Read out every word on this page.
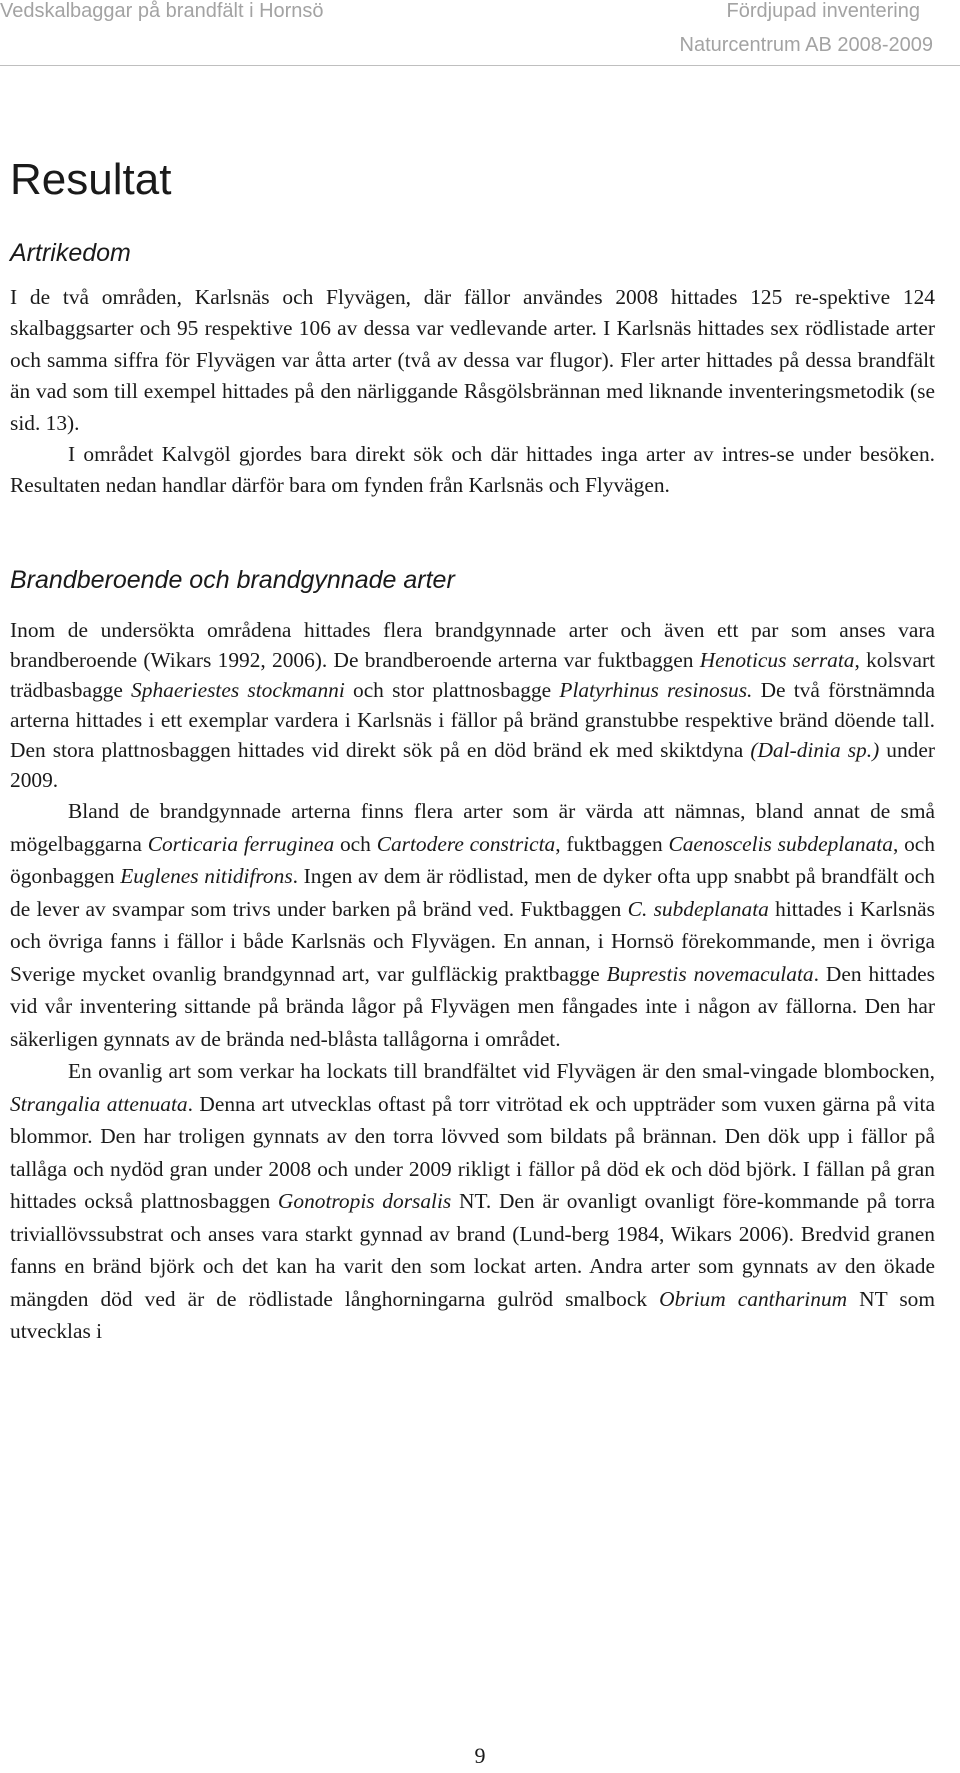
Vedskalbaggar på brandfält i Hornsö	Fördjupad inventering
Naturcentrum AB 2008-2009
Resultat
Artrikedom

I de två områden, Karlsnäs och Flyvägen, där fällor användes 2008 hittades 125 re-spektive 124 skalbaggsarter och 95 respektive 106 av dessa var vedlevande arter. I Karlsnäs hittades sex rödlistade arter och samma siffra för Flyvägen var åtta arter (två av dessa var flugor). Fler arter hittades på dessa brandfält än vad som till exempel hittades på den närliggande Råsgölsbrännan med liknande inventeringsmetodik (se sid. 13).

I området Kalvgöl gjordes bara direkt sök och där hittades inga arter av intres-se under besöken. Resultaten nedan handlar därför bara om fynden från Karlsnäs och Flyvägen.

Brandberoende och brandgynnade arter

Inom de undersökta områdena hittades flera brandgynnade arter och även ett par som anses vara brandberoende (Wikars 1992, 2006). De brandberoende arterna var fuktbaggen Henoticus serrata, kolsvart trädbasbagge Sphaeriestes stockmanni och stor plattnosbagge Platyrhinus resinosus. De två förstnämnda arterna hittades i ett exemplar vardera i Karlsnäs i fällor på bränd granstubbe respektive bränd döende tall. Den stora plattnosbaggen hittades vid direkt sök på en död bränd ek med skiktdyna (Dal-dinia sp.) under 2009.

Bland de brandgynnade arterna finns flera arter som är värda att nämnas, bland annat de små mögelbaggarna Corticaria ferruginea och Cartodere constricta, fuktbaggen Caenoscelis subdeplanata, och ögonbaggen Euglenes nitidifrons. Ingen av dem är rödlistad, men de dyker ofta upp snabbt på brandfält och de lever av svampar som trivs under barken på bränd ved. Fuktbaggen C. subdeplanata hittades i Karlsnäs och övriga fanns i fällor i både Karlsnäs och Flyvägen. En annan, i Hornsö förekommande, men i övriga Sverige mycket ovanlig brandgynnad art, var gulfläckig praktbagge Buprestis novemaculata. Den hittades vid vår inventering sittande på brända lågor på Flyvägen men fångades inte i någon av fällorna. Den har säkerligen gynnats av de brända ned-blåsta tallågorna i området.

En ovanlig art som verkar ha lockats till brandfältet vid Flyvägen är den smal-vingade blombocken, Strangalia attenuata. Denna art utvecklas oftast på torr vitrötad ek och uppträder som vuxen gärna på vita blommor. Den har troligen gynnats av den torra lövved som bildats på brännan. Den dök upp i fällor på tallåga och nydöd gran under 2008 och under 2009 rikligt i fällor på död ek och död björk. I fällan på gran hittades också plattnosbaggen Gonotropis dorsalis NT. Den är ovanligt ovanligt före-kommande på torra triviallövssubstrat och anses vara starkt gynnad av brand (Lund-berg 1984, Wikars 2006). Bredvid granen fanns en bränd björk och det kan ha varit den som lockat arten. Andra arter som gynnats av den ökade mängden död ved är de rödlistade långhorningarna gulröd smalbock Obrium cantharinum NT som utvecklas i

9
